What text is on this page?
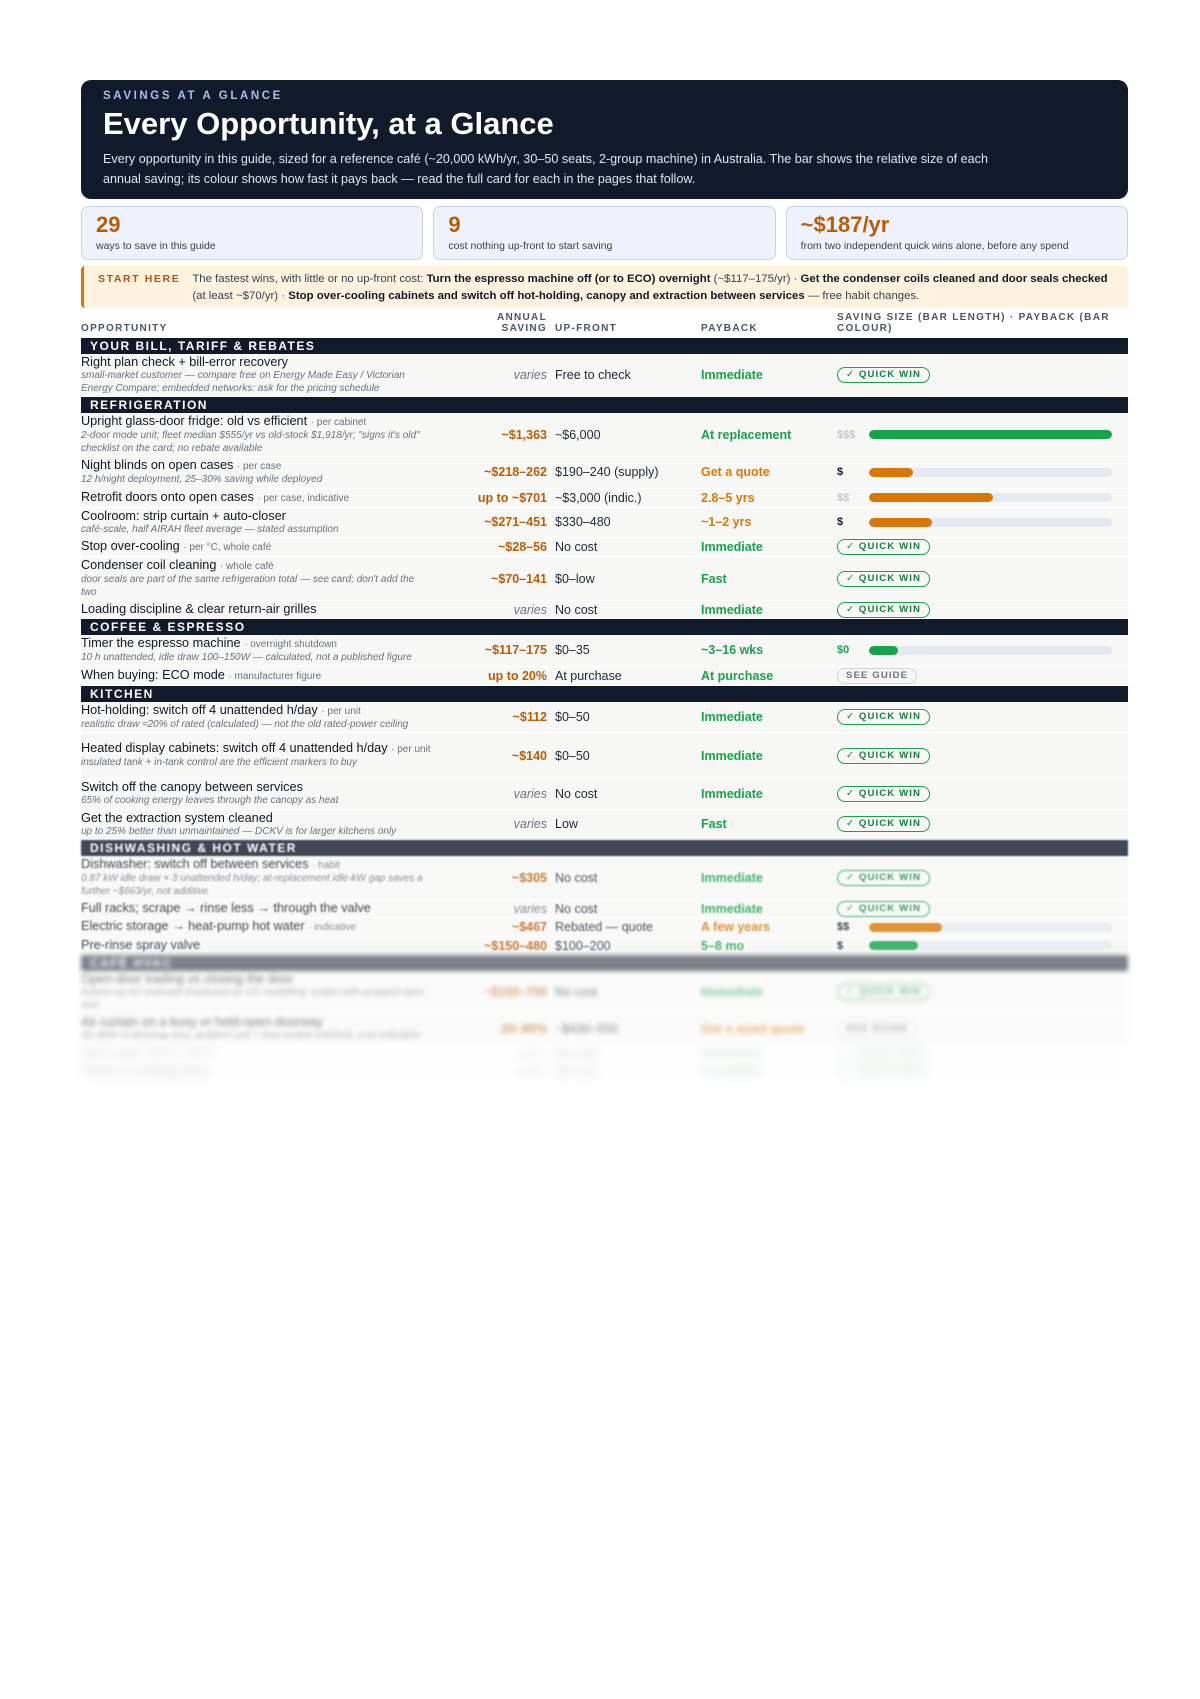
SAVINGS AT A GLANCE
Every Opportunity, at a Glance

Every opportunity in this guide, sized for a reference café (~20,000 kWh/yr, 30–50 seats, 2-group machine) in Australia. The bar shows the relative size of each annual saving; its colour shows how fast it pays back — read the full card for each in the pages that follow.

29
ways to save in this guide
9
cost nothing up-front to start saving
~$187/yr
from two independent quick wins alone, before any spend
START HERE The fastest wins, with little or no up-front cost: Turn the espresso machine off (or to ECO) overnight (~$117–175/yr) · Get the condenser coils cleaned and door seals checked (at least ~$70/yr) · Stop over-cooling cabinets and switch off hot-holding, canopy and extraction between services — free habit changes.
OPPORTUNITY
ANNUAL SAVING UP-FRONT	PAYBACK
SAVING SIZE (BAR LENGTH) · PAYBACK (BAR COLOUR)
YOUR BILL, TARIFF & REBATES
Right plan check + bill-error recovery
small-market customer — compare free on Energy Made Easy / Victorian Energy Compare; embedded networks: ask for the pricing schedule
varies Free to check	Immediate	✓ QUICK WIN
REFRIGERATION
Upright glass-door fridge: old vs efficient · per cabinet
2-door mode unit; fleet median $555/yr vs old-stock $1,918/yr; "signs it's old" checklist on the card; no rebate available
~$1,363 ~$6,000	At replacement	$$$
Night blinds on open cases · per case
12 h/night deployment, 25–30% saving while deployed
~$218–262 $190–240 (supply)	Get a quote	$
Retrofit doors onto open cases · per case, indicative	up to ~$701 ~$3,000 (indic.)	2.8–5 yrs	$$
Coolroom: strip curtain + auto-closer
café-scale, half AIRAH fleet average — stated assumption	~$271–451 $330–480	~1–2 yrs	$
Stop over-cooling · per °C, whole café	~$28–56 No cost	Immediate	✓ QUICK WIN
Condenser coil cleaning · whole café
door seals are part of the same refrigeration total — see card; don't add the two
~$70–141 $0–low	Fast	✓ QUICK WIN
Loading discipline & clear return-air grilles	varies No cost	Immediate	✓ QUICK WIN
COFFEE & ESPRESSO
Timer the espresso machine · overnight shutdown
10 h unattended, idle draw 100–150W — calculated, not a published figure
~$117–175 $0–35	~3–16 wks	$0
When buying: ECO mode · manufacturer figure	up to 20% At purchase	At purchase	SEE GUIDE
KITCHEN
Hot-holding: switch off 4 unattended h/day · per unit
realistic draw ≈20% of rated (calculated) — not the old rated-power ceiling
~$112 $0–50	Immediate	✓ QUICK WIN
Heated display cabinets: switch off 4 unattended h/day · per unit
insulated tank + in-tank control are the efficient markers to buy
~$140 $0–50	Immediate	✓ QUICK WIN
Switch off the canopy between services
65% of cooking energy leaves through the canopy as heat	varies No cost	Immediate	✓ QUICK WIN
Get the extraction system cleaned
up to 25% better than unmaintained — DCKV is for larger kitchens only	varies Low	Fast	✓ QUICK WIN
DISHWASHING & HOT WATER
Dishwasher: switch off between services · habit
0.87 kW idle draw × 3 unattended h/day; at-replacement idle-kW gap saves a further ~$663/yr, not additive
~$305 No cost	Immediate	✓ QUICK WIN
Full racks; scrape → rinse less → through the valve	varies No cost	Immediate	✓ QUICK WIN
Electric storage → heat-pump hot water · indicative	~$467 Rebated — quote	A few years	$$
Pre-rinse spray valve	~$150–480 $100–200	5–8 mo	$
CAFÉ HVAC
Open-door trading vs closing the door
bottom-up AU estimate bracketed by US modelling; scales with propped-open time
~$150–700 No cost	Immediate	✓ QUICK WIN
Air curtain on a busy or held-open doorway
20–80% of doorway loss; ambient unit + door-switch interlock; cost indicative	20–80% ~$430–550	Get a sized quote	SEE GUIDE
Set it once: 24°C / 20°C	varies No cost	Immediate	✓ QUICK WIN
Timers to trading hours	varies No cost	Immediate	✓ QUICK WIN
